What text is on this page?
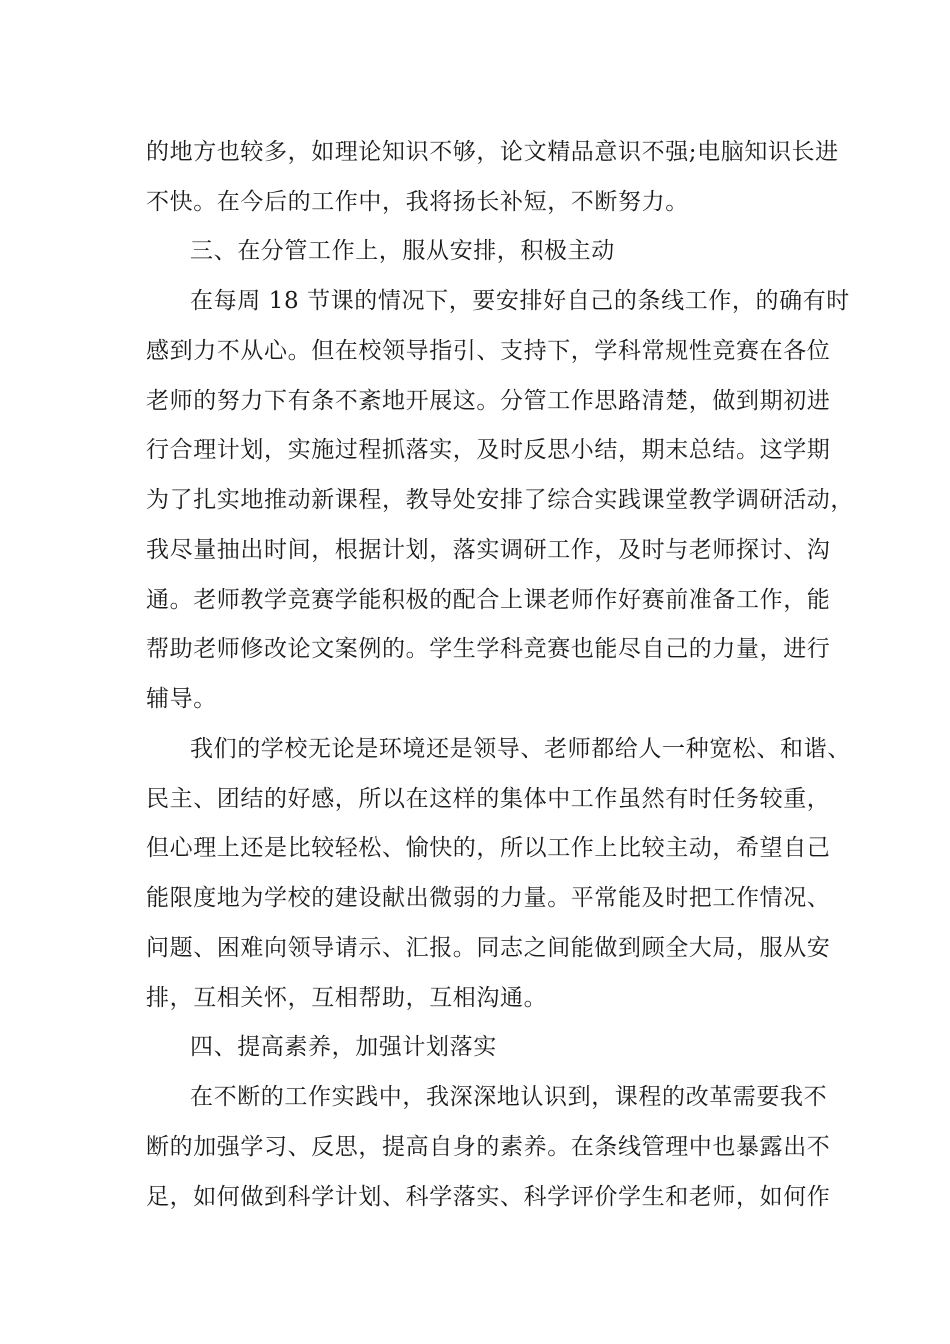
的地方也较多，如理论知识不够，论文精品意识不强;电脑知识长进
不快。在今后的工作中，我将扬长补短，不断努力。
三、在分管工作上，服从安排，积极主动
在每周 18 节课的情况下，要安排好自己的条线工作，的确有时
感到力不从心。但在校领导指引、支持下，学科常规性竞赛在各位
老师的努力下有条不紊地开展这。分管工作思路清楚，做到期初进
行合理计划，实施过程抓落实，及时反思小结，期末总结。这学期
为了扎实地推动新课程，教导处安排了综合实践课堂教学调研活动，
我尽量抽出时间，根据计划，落实调研工作，及时与老师探讨、沟
通。老师教学竞赛学能积极的配合上课老师作好赛前准备工作，能
帮助老师修改论文案例的。学生学科竞赛也能尽自己的力量，进行
辅导。
我们的学校无论是环境还是领导、老师都给人一种宽松、和谐、
民主、团结的好感，所以在这样的集体中工作虽然有时任务较重，
但心理上还是比较轻松、愉快的，所以工作上比较主动，希望自己
能限度地为学校的建设献出微弱的力量。平常能及时把工作情况、
问题、困难向领导请示、汇报。同志之间能做到顾全大局，服从安
排，互相关怀，互相帮助，互相沟通。
四、提高素养，加强计划落实
在不断的工作实践中，我深深地认识到，课程的改革需要我不
断的加强学习、反思，提高自身的素养。在条线管理中也暴露出不
足，如何做到科学计划、科学落实、科学评价学生和老师，如何作
